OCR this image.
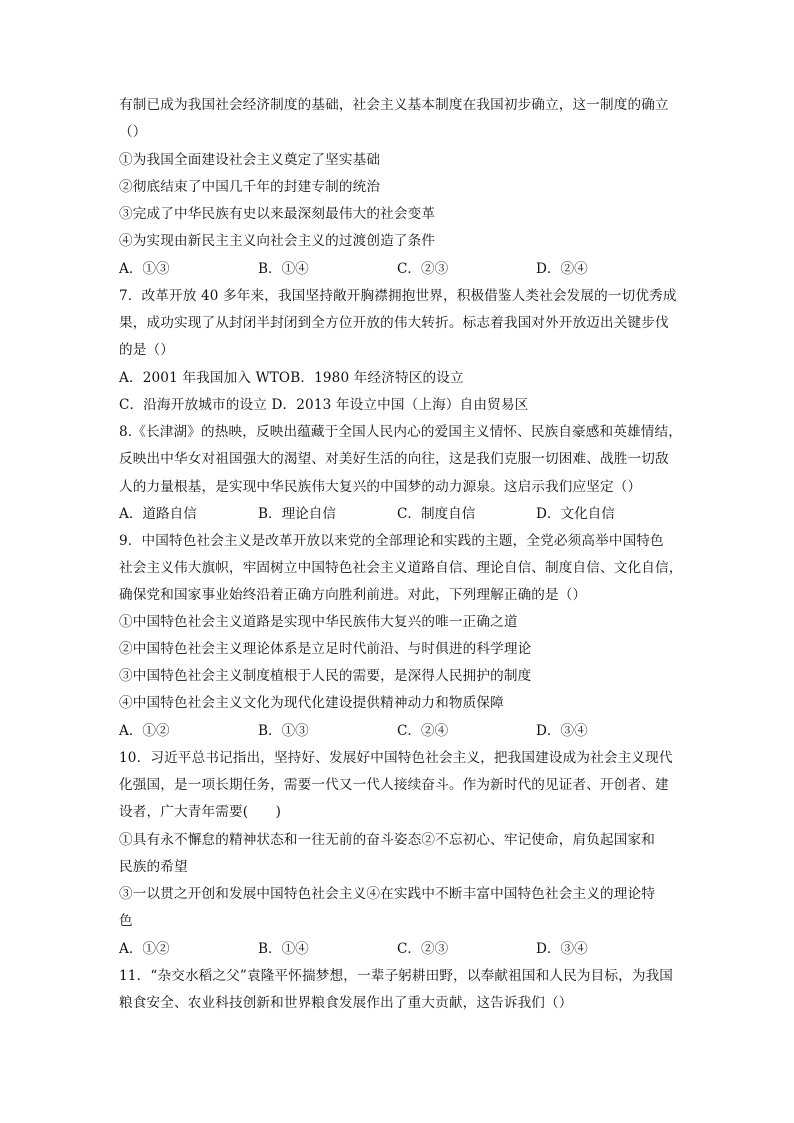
有制已成为我国社会经济制度的基础，社会主义基本制度在我国初步确立，这一制度的确立
（）
①为我国全面建设社会主义奠定了坚实基础
②彻底结束了中国几千年的封建专制的统治
③完成了中华民族有史以来最深刻最伟大的社会变革
④为实现由新民主主义向社会主义的过渡创造了条件
A．①③	B．①④	C．②③	D．②④
7．改革开放 40 多年来，我国坚持敞开胸襟拥抱世界，积极借鉴人类社会发展的一切优秀成
果，成功实现了从封闭半封闭到全方位开放的伟大转折。标志着我国对外开放迈出关键步伐
的是（）
A．2001 年我国加入 WTOB．1980 年经济特区的设立
C．沿海开放城市的设立 D．2013 年设立中国（上海）自由贸易区
8.《长津湖》的热映，反映出蕴藏于全国人民内心的爱国主义情怀、民族自豪感和英雄情结，
反映出中华女对祖国强大的渴望、对美好生活的向往，这是我们克服一切困难、战胜一切敌
人的力量根基，是实现中华民族伟大复兴的中国梦的动力源泉。这启示我们应坚定（）
A．道路自信	B．理论自信	C．制度自信	D．文化自信
9．中国特色社会主义是改革开放以来党的全部理论和实践的主题，全党必须高举中国特色
社会主义伟大旗帜，牢固树立中国特色社会主义道路自信、理论自信、制度自信、文化自信，
确保党和国家事业始终沿着正确方向胜利前进。对此，下列理解正确的是（）
①中国特色社会主义道路是实现中华民族伟大复兴的唯一正确之道
②中国特色社会主义理论体系是立足时代前沿、与时俱进的科学理论
③中国特色社会主义制度植根于人民的需要，是深得人民拥护的制度
④中国特色社会主义文化为现代化建设提供精神动力和物质保障
A．①②	B．①③	C．②④	D．③④
10．习近平总书记指出，坚持好、发展好中国特色社会主义，把我国建设成为社会主义现代
化强国，是一项长期任务，需要一代又一代人接续奋斗。作为新时代的见证者、开创者、建
设者，广大青年需要(　　)
①具有永不懈怠的精神状态和一往无前的奋斗姿态②不忘初心、牢记使命，肩负起国家和
民族的希望
③一以贯之开创和发展中国特色社会主义④在实践中不断丰富中国特色社会主义的理论特
色
A．①②	B．①④	C．②③	D．③④
11．“杂交水稻之父”袁隆平怀揣梦想，一辈子躬耕田野，以奉献祖国和人民为目标，为我国
粮食安全、农业科技创新和世界粮食发展作出了重大贡献，这告诉我们（）
